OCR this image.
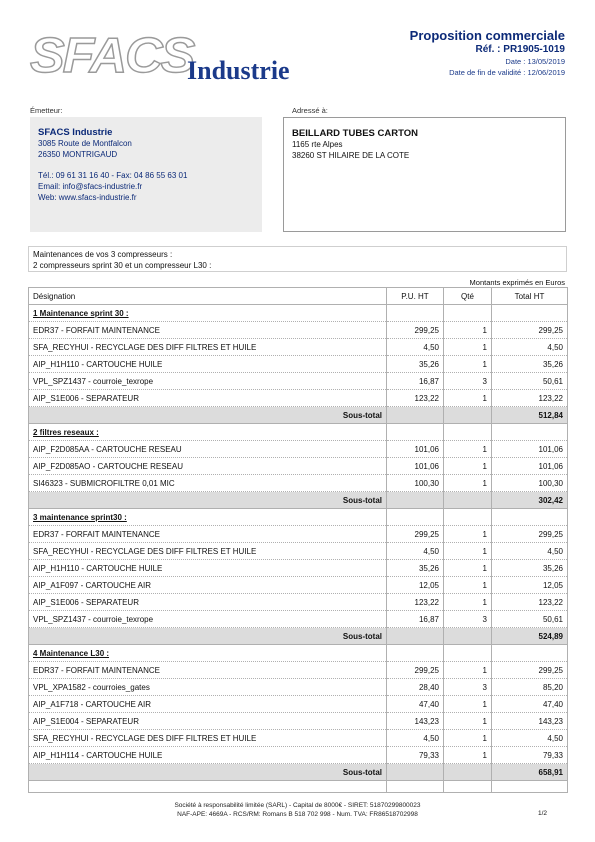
SFACS
Industrie
Proposition commerciale
Réf. : PR1905-1019
Date : 13/05/2019
Date de fin de validité : 12/06/2019
Émetteur:	Adressé à:
SFACS Industrie
3085 Route de Montfalcon
26350 MONTRIGAUD
Tél.: 09 61 31 16 40 - Fax: 04 86 55 63 01
Email: info@sfacs-industrie.fr
Web: www.sfacs-industrie.fr
BEILLARD TUBES CARTON
1165 rte Alpes
38260 ST HILAIRE DE LA COTE
Maintenances de vos 3 compresseurs :
2 compresseurs sprint 30 et un compresseur L30 :
Montants exprimés en Euros
Désignation	P.U. HT	Qté	Total HT
1 Maintenance sprint 30 :			
EDR37 - FORFAIT MAINTENANCE	299,25	1	299,25
SFA_RECYHUI - RECYCLAGE DES DIFF FILTRES ET HUILE	4,50	1	4,50
AIP_H1H110 - CARTOUCHE HUILE	35,26	1	35,26
VPL_SPZ1437 - courroie_texrope	16,87	3	50,61
AIP_S1E006 - SEPARATEUR	123,22	1	123,22
Sous-total			512,84
2 filtres reseaux :			
AIP_F2D085AA - CARTOUCHE RESEAU	101,06	1	101,06
AIP_F2D085AO - CARTOUCHE RESEAU	101,06	1	101,06
SI46323 - SUBMICROFILTRE 0,01 MIC	100,30	1	100,30
Sous-total			302,42
3 maintenance sprint30 :			
EDR37 - FORFAIT MAINTENANCE	299,25	1	299,25
SFA_RECYHUI - RECYCLAGE DES DIFF FILTRES ET HUILE	4,50	1	4,50
AIP_H1H110 - CARTOUCHE HUILE	35,26	1	35,26
AIP_A1F097 - CARTOUCHE AIR	12,05	1	12,05
AIP_S1E006 - SEPARATEUR	123,22	1	123,22
VPL_SPZ1437 - courroie_texrope	16,87	3	50,61
Sous-total			524,89
4 Maintenance L30 :			
EDR37 - FORFAIT MAINTENANCE	299,25	1	299,25
VPL_XPA1582 - courroies_gates	28,40	3	85,20
AIP_A1F718 - CARTOUCHE AIR	47,40	1	47,40
AIP_S1E004 - SEPARATEUR	143,23	1	143,23
SFA_RECYHUI - RECYCLAGE DES DIFF FILTRES ET HUILE	4,50	1	4,50
AIP_H1H114 - CARTOUCHE HUILE	79,33	1	79,33
Sous-total			658,91

Société à responsabilité limitée (SARL) - Capital de 8000€ - SIRET: 51870299800023
NAF-APE: 4669A - RCS/RM: Romans B 518 702 998 - Num. TVA: FR86518702998	1/2
